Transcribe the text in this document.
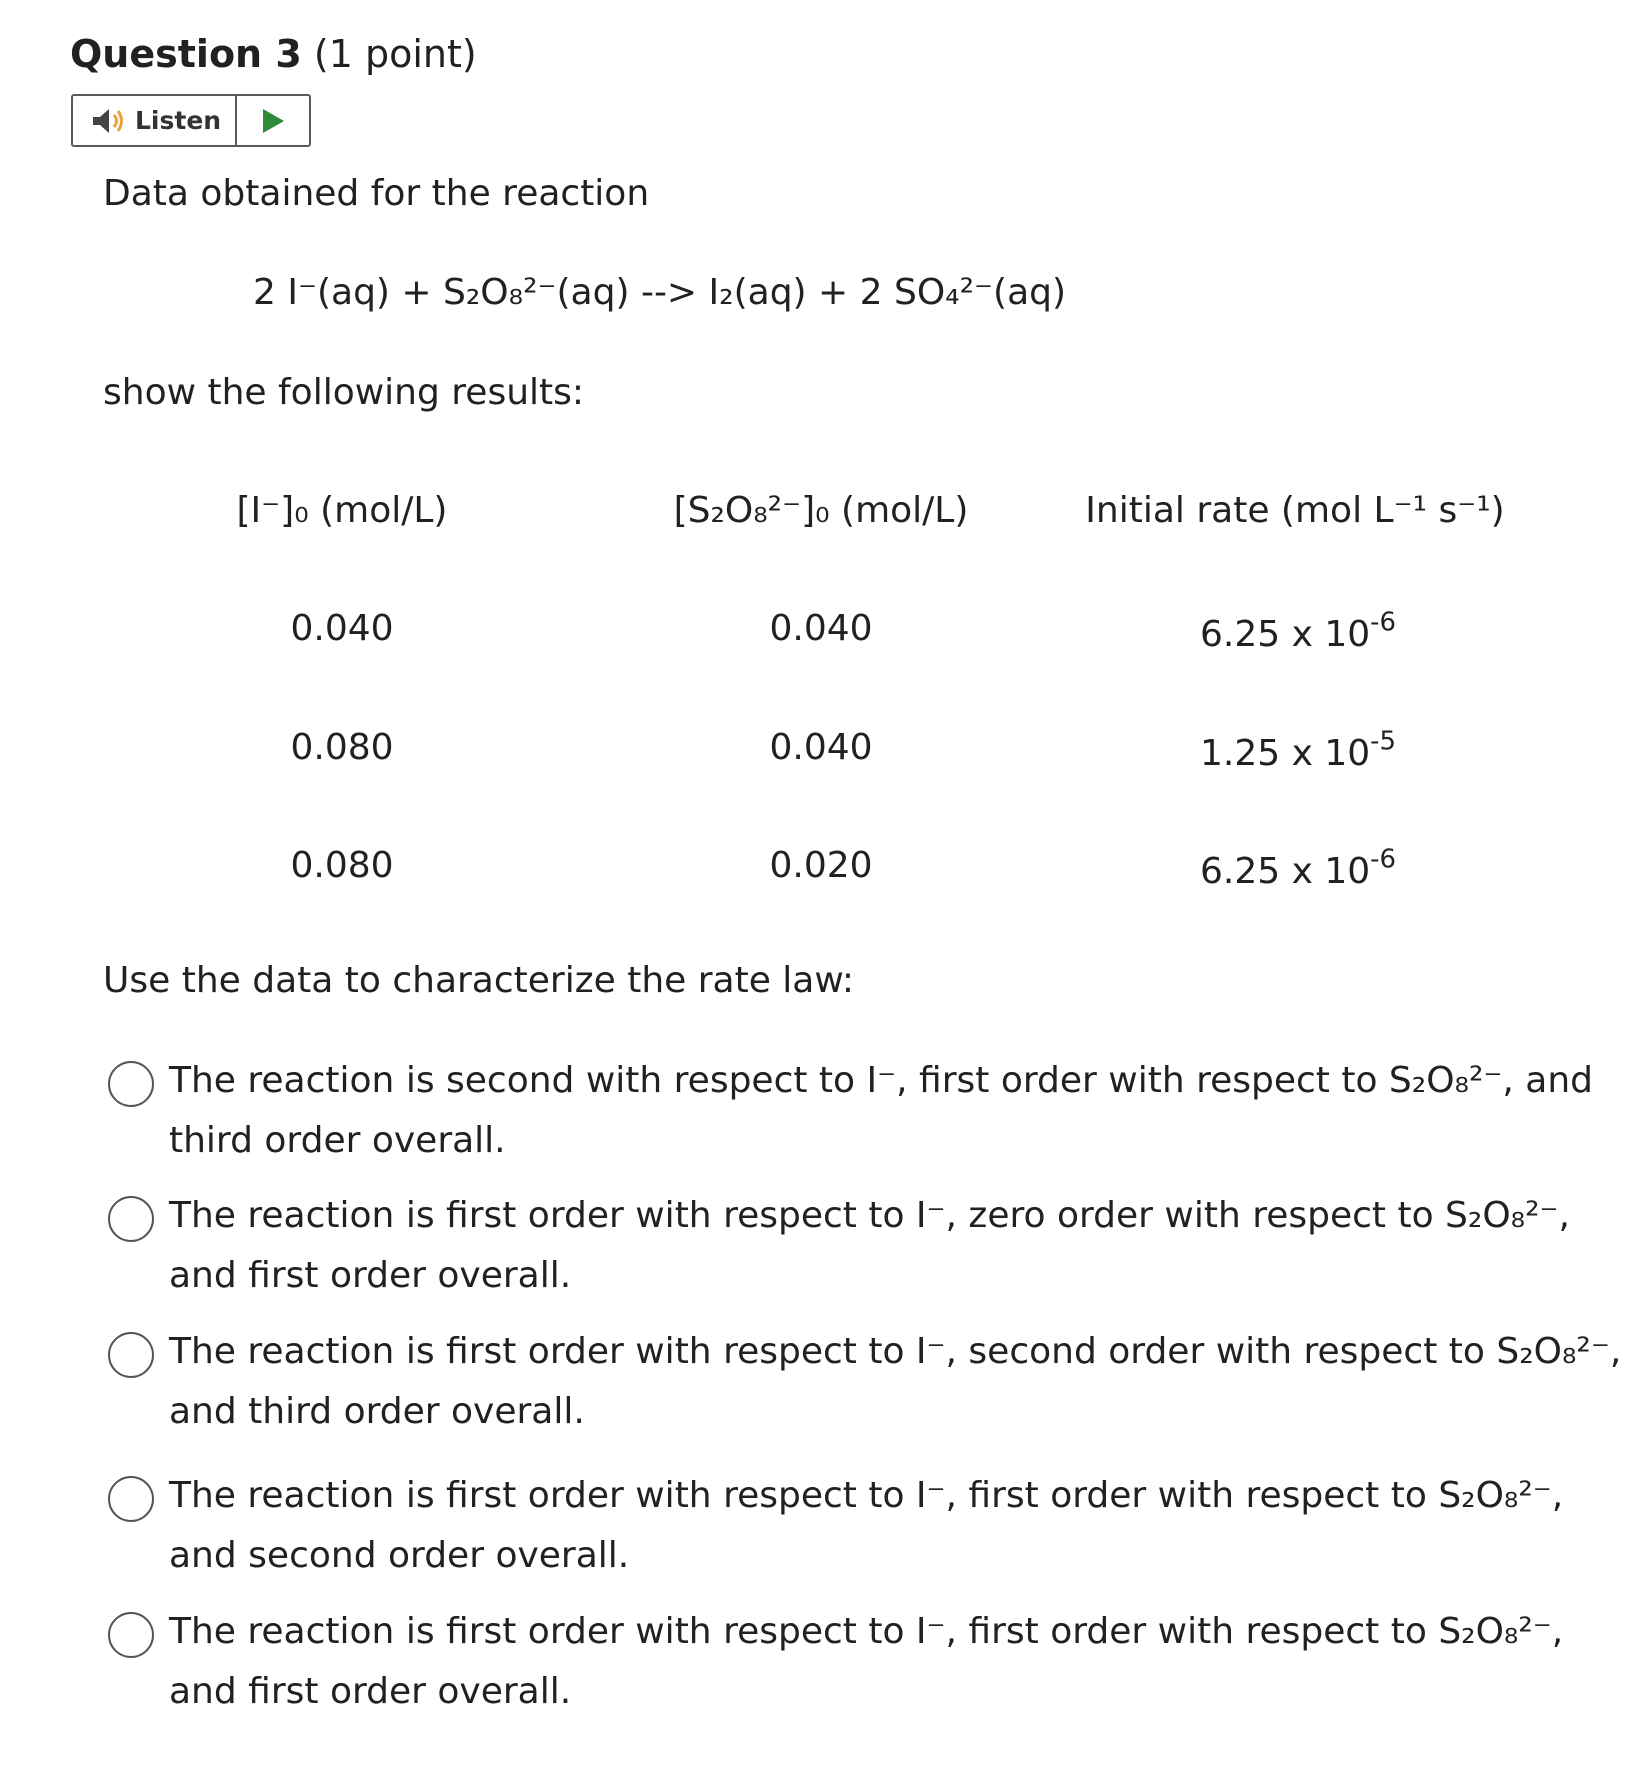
Question 3 (1 point)
Listen
Data obtained for the reaction
2 I⁻(aq) + S₂O₈²⁻(aq) --> I₂(aq) + 2 SO₄²⁻(aq)
show the following results:
[I⁻]₀ (mol/L)	[S₂O₈²⁻]₀ (mol/L)	Initial rate (mol L⁻¹ s⁻¹)
0.040	0.040	6.25 x $10^{-6}$
0.080	0.040	1.25 x $10^{-5}$
0.080	0.020	6.25 x $10^{-6}$
Use the data to characterize the rate law:
The reaction is second with respect to I⁻, first order with respect to S₂O₈²⁻, and third order overall.
The reaction is first order with respect to I⁻, zero order with respect to S₂O₈²⁻, and first order overall.
The reaction is first order with respect to I⁻, second order with respect to S₂O₈²⁻, and third order overall.
The reaction is first order with respect to I⁻, first order with respect to S₂O₈²⁻, and second order overall.
The reaction is first order with respect to I⁻, first order with respect to S₂O₈²⁻, and first order overall.
